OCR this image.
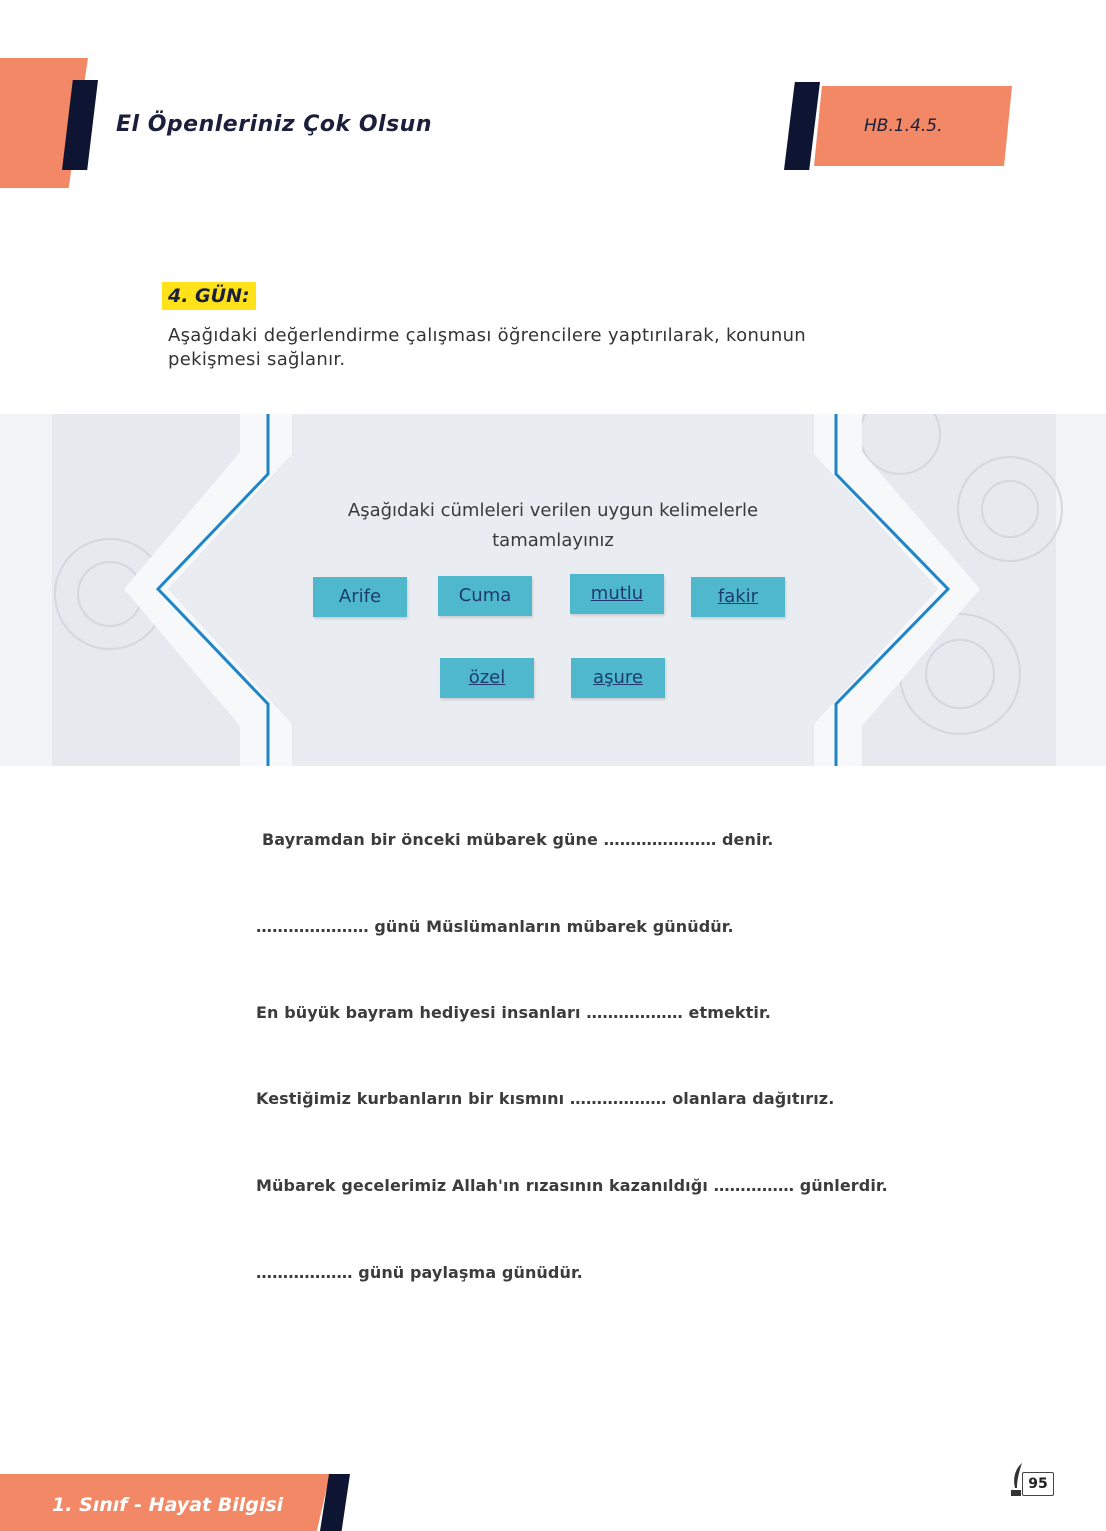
El Öpenleriniz Çok Olsun	HB.1.4.5.
4. GÜN:
Aşağıdaki değerlendirme çalışması öğrencilere yaptırılarak, konunun pekişmesi sağlanır.
Aşağıdaki cümleleri verilen uygun kelimelerle tamamlayınız
Arife	Cuma	mutlu	fakir
özel	aşure
Bayramdan bir önceki mübarek güne ………………… denir.
………………… günü Müslümanların mübarek günüdür.
En büyük bayram hediyesi insanları ……………… etmektir.
Kestiğimiz kurbanların bir kısmını ……………… olanlara dağıtırız.
Mübarek gecelerimiz Allah'ın rızasının kazanıldığı …………… günlerdir.
……………… günü paylaşma günüdür.
1. Sınıf - Hayat Bilgisi
95
